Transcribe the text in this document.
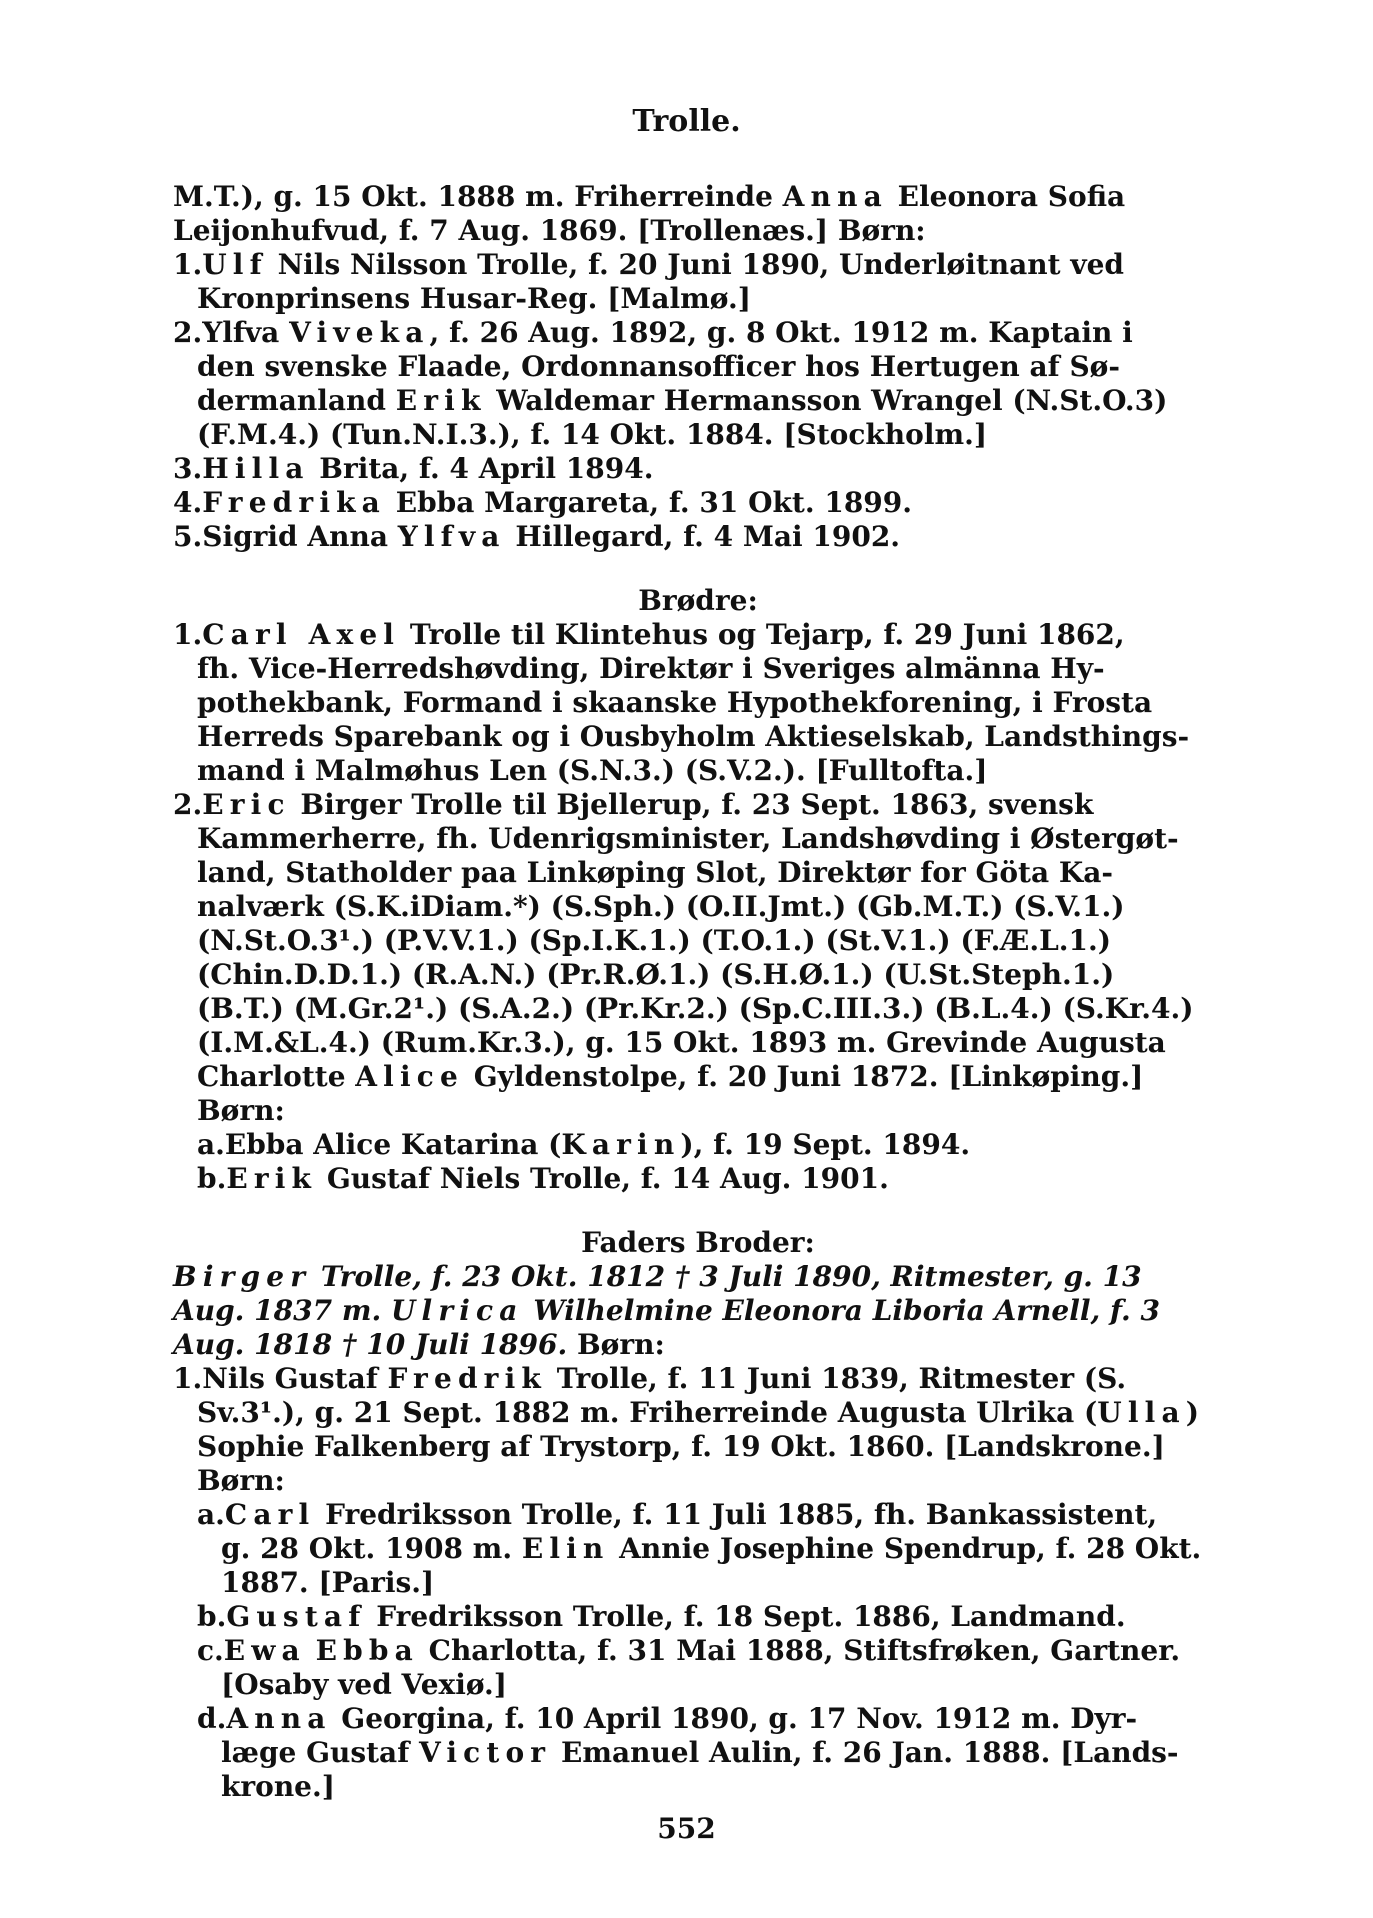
Trolle.
M.T.), g. 15 Okt. 1888 m. Friherreinde Anna Eleonora Sofia
Leijonhufvud, f. 7 Aug. 1869. [Trollenæs.] Børn:
1.Ulf Nils Nilsson Trolle, f. 20 Juni 1890, Underløitnant ved
Kronprinsens Husar-Reg. [Malmø.]
2.Ylfva Viveka, f. 26 Aug. 1892, g. 8 Okt. 1912 m. Kaptain i
den svenske Flaade, Ordonnansofficer hos Hertugen af Sø-
dermanland Erik Waldemar Hermansson Wrangel (N.St.O.3)
(F.M.4.) (Tun.N.I.3.), f. 14 Okt. 1884. [Stockholm.]
3.Hilla Brita, f. 4 April 1894.
4.Fredrika Ebba Margareta, f. 31 Okt. 1899.
5.Sigrid Anna Ylfva Hillegard, f. 4 Mai 1902.
Brødre:
1.Carl Axel Trolle til Klintehus og Tejarp, f. 29 Juni 1862,
fh. Vice-Herredshøvding, Direktør i Sveriges almänna Hy-
pothekbank, Formand i skaanske Hypothekforening, i Frosta
Herreds Sparebank og i Ousbyholm Aktieselskab, Landsthings-
mand i Malmøhus Len (S.N.3.) (S.V.2.). [Fulltofta.]
2.Eric Birger Trolle til Bjellerup, f. 23 Sept. 1863, svensk
Kammerherre, fh. Udenrigsminister, Landshøvding i Østergøt-
land, Statholder paa Linkøping Slot, Direktør for Göta Ka-
nalværk (S.K.iDiam.*) (S.Sph.) (O.II.Jmt.) (Gb.M.T.) (S.V.1.)
(N.St.O.3¹.) (P.V.V.1.) (Sp.I.K.1.) (T.O.1.) (St.V.1.) (F.Æ.L.1.)
(Chin.D.D.1.) (R.A.N.) (Pr.R.Ø.1.) (S.H.Ø.1.) (U.St.Steph.1.)
(B.T.) (M.Gr.2¹.) (S.A.2.) (Pr.Kr.2.) (Sp.C.III.3.) (B.L.4.) (S.Kr.4.)
(I.M.&L.4.) (Rum.Kr.3.), g. 15 Okt. 1893 m. Grevinde Augusta
Charlotte Alice Gyldenstolpe, f. 20 Juni 1872. [Linkøping.]
Børn:
a.Ebba Alice Katarina (Karin), f. 19 Sept. 1894.
b.Erik Gustaf Niels Trolle, f. 14 Aug. 1901.
Faders Broder:
Birger Trolle, f. 23 Okt. 1812 † 3 Juli 1890, Ritmester, g. 13
Aug. 1837 m. Ulrica Wilhelmine Eleonora Liboria Arnell, f. 3
Aug. 1818 † 10 Juli 1896. Børn:
1.Nils Gustaf Fredrik Trolle, f. 11 Juni 1839, Ritmester (S.
Sv.3¹.), g. 21 Sept. 1882 m. Friherreinde Augusta Ulrika (Ulla)
Sophie Falkenberg af Trystorp, f. 19 Okt. 1860. [Landskrone.]
Børn:
a.Carl Fredriksson Trolle, f. 11 Juli 1885, fh. Bankassistent,
g. 28 Okt. 1908 m. Elin Annie Josephine Spendrup, f. 28 Okt.
1887. [Paris.]
b.Gustaf Fredriksson Trolle, f. 18 Sept. 1886, Landmand.
c.Ewa Ebba Charlotta, f. 31 Mai 1888, Stiftsfrøken, Gartner.
[Osaby ved Vexiø.]
d.Anna Georgina, f. 10 April 1890, g. 17 Nov. 1912 m. Dyr-
læge Gustaf Victor Emanuel Aulin, f. 26 Jan. 1888. [Lands-
krone.]
552
